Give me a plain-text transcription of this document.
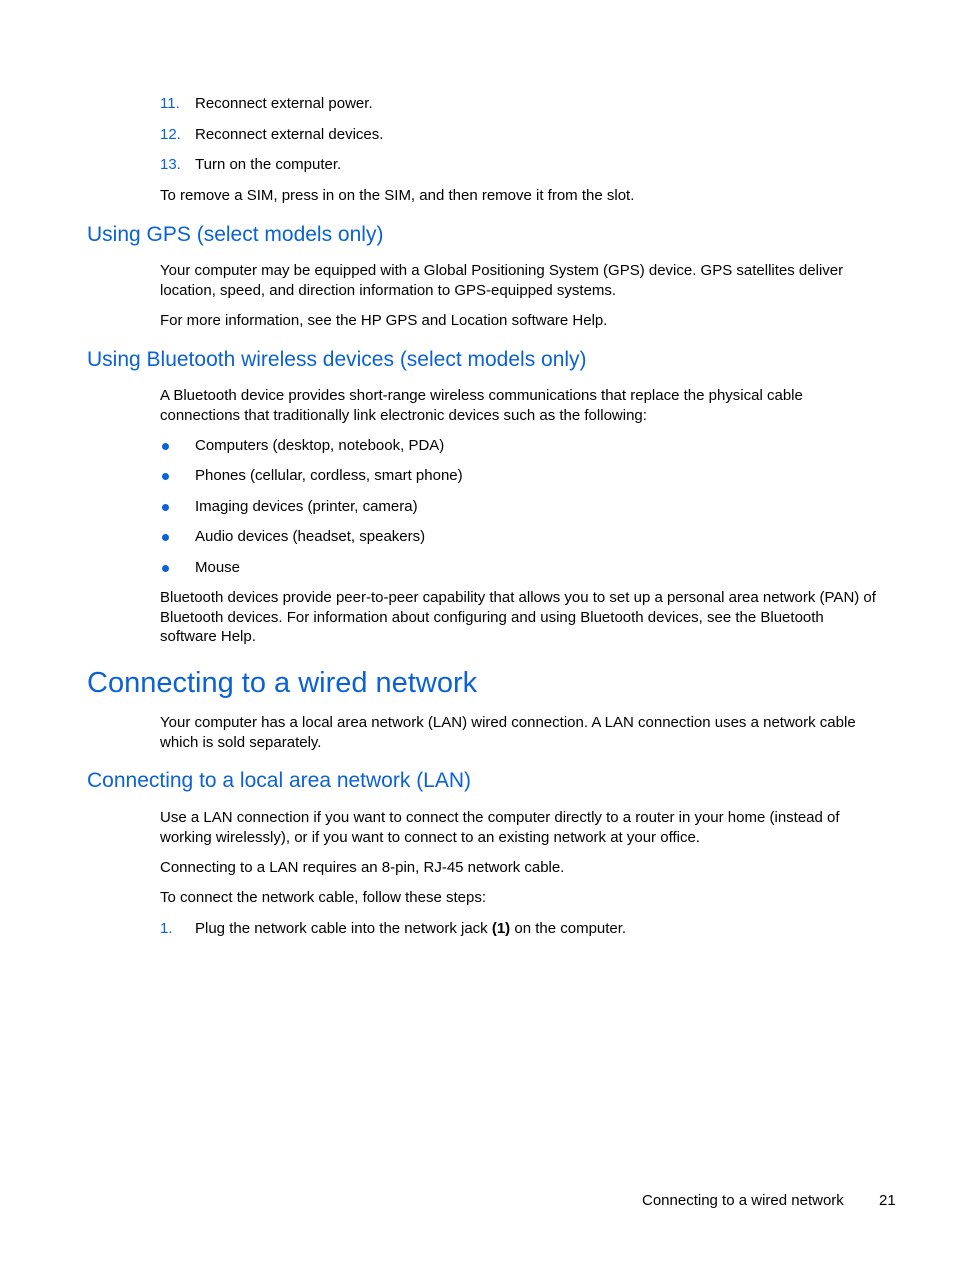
11. Reconnect external power.
12. Reconnect external devices.
13. Turn on the computer.
To remove a SIM, press in on the SIM, and then remove it from the slot.
Using GPS (select models only)
Your computer may be equipped with a Global Positioning System (GPS) device. GPS satellites deliver location, speed, and direction information to GPS-equipped systems.
For more information, see the HP GPS and Location software Help.
Using Bluetooth wireless devices (select models only)
A Bluetooth device provides short-range wireless communications that replace the physical cable connections that traditionally link electronic devices such as the following:
Computers (desktop, notebook, PDA)
Phones (cellular, cordless, smart phone)
Imaging devices (printer, camera)
Audio devices (headset, speakers)
Mouse
Bluetooth devices provide peer-to-peer capability that allows you to set up a personal area network (PAN) of Bluetooth devices. For information about configuring and using Bluetooth devices, see the Bluetooth software Help.
Connecting to a wired network
Your computer has a local area network (LAN) wired connection. A LAN connection uses a network cable which is sold separately.
Connecting to a local area network (LAN)
Use a LAN connection if you want to connect the computer directly to a router in your home (instead of working wirelessly), or if you want to connect to an existing network at your office.
Connecting to a LAN requires an 8-pin, RJ-45 network cable.
To connect the network cable, follow these steps:
1. Plug the network cable into the network jack (1) on the computer.
Connecting to a wired network 21
